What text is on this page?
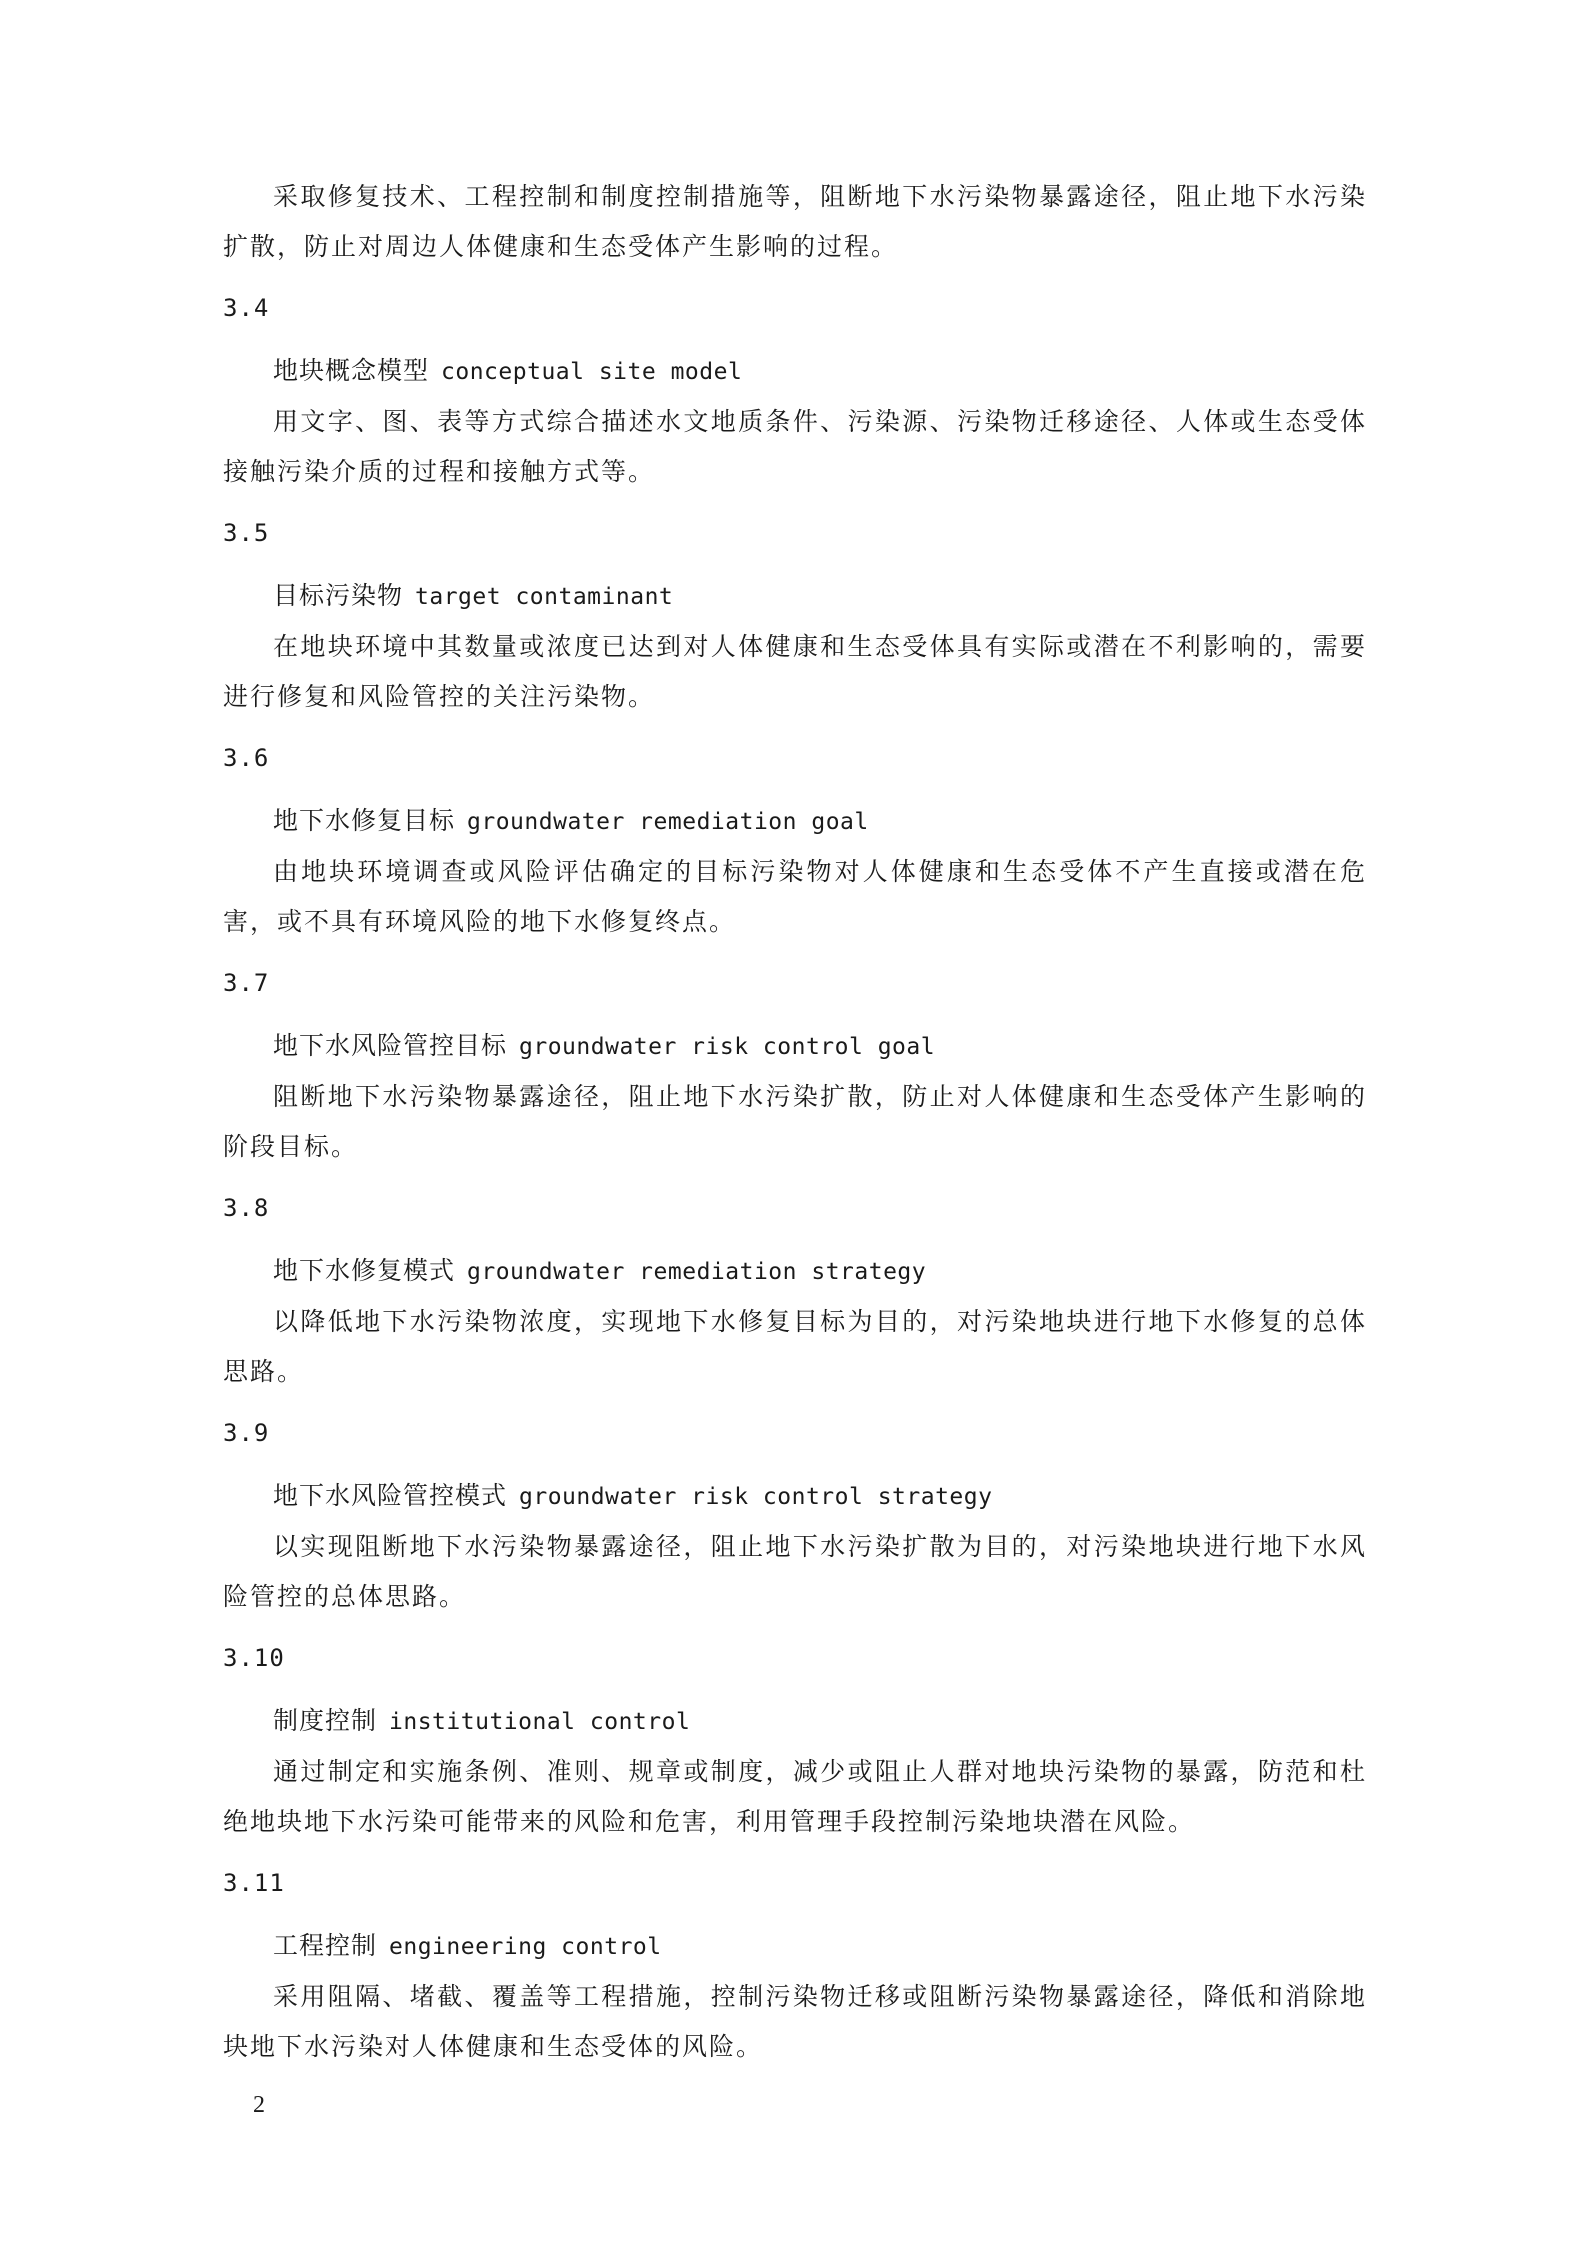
采取修复技术、工程控制和制度控制措施等，阻断地下水污染物暴露途径，阻止地下水污染扩散，防止对周边人体健康和生态受体产生影响的过程。

3.4
地块概念模型 conceptual site model

用文字、图、表等方式综合描述水文地质条件、污染源、污染物迁移途径、人体或生态受体接触污染介质的过程和接触方式等。

3.5
目标污染物 target contaminant

在地块环境中其数量或浓度已达到对人体健康和生态受体具有实际或潜在不利影响的，需要进行修复和风险管控的关注污染物。

3.6
地下水修复目标 groundwater remediation goal

由地块环境调查或风险评估确定的目标污染物对人体健康和生态受体不产生直接或潜在危害，或不具有环境风险的地下水修复终点。

3.7
地下水风险管控目标 groundwater risk control goal

阻断地下水污染物暴露途径，阻止地下水污染扩散，防止对人体健康和生态受体产生影响的阶段目标。

3.8
地下水修复模式 groundwater remediation strategy

以降低地下水污染物浓度，实现地下水修复目标为目的，对污染地块进行地下水修复的总体思路。

3.9
地下水风险管控模式 groundwater risk control strategy

以实现阻断地下水污染物暴露途径，阻止地下水污染扩散为目的，对污染地块进行地下水风险管控的总体思路。

3.10
制度控制 institutional control

通过制定和实施条例、准则、规章或制度，减少或阻止人群对地块污染物的暴露，防范和杜绝地块地下水污染可能带来的风险和危害，利用管理手段控制污染地块潜在风险。

3.11
工程控制 engineering control

采用阻隔、堵截、覆盖等工程措施，控制污染物迁移或阻断污染物暴露途径，降低和消除地块地下水污染对人体健康和生态受体的风险。

2
